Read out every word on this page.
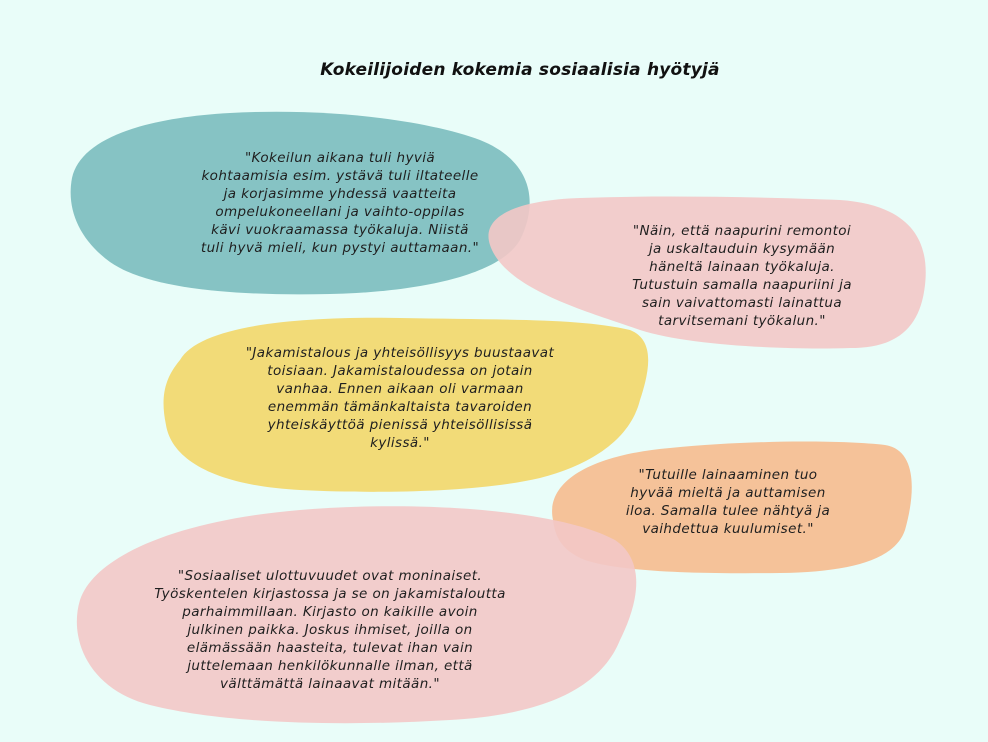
Kokeilijoiden kokemia sosiaalisia hyötyjä
"Kokeilun aikana tuli hyviä
kohtaamisia esim. ystävä tuli iltateelle
ja korjasimme yhdessä vaatteita
ompelukoneellani ja vaihto-oppilas
kävi vuokraamassa työkaluja. Niistä
tuli hyvä mieli, kun pystyi auttamaan."
"Näin, että naapurini remontoi
ja uskaltauduin kysymään
häneltä lainaan työkaluja.
Tutustuin samalla naapuriini ja
sain vaivattomasti lainattua
tarvitsemani työkalun."
"Jakamistalous ja yhteisöllisyys buustaavat
toisiaan. Jakamistaloudessa on jotain
vanhaa. Ennen aikaan oli varmaan
enemmän tämänkaltaista tavaroiden
yhteiskäyttöä pienissä yhteisöllisissä
kylissä."
"Tutuille lainaaminen tuo
hyvää mieltä ja auttamisen
iloa. Samalla tulee nähtyä ja
vaihdettua kuulumiset."
"Sosiaaliset ulottuvuudet ovat moninaiset.
Työskentelen kirjastossa ja se on jakamistaloutta
parhaimmillaan. Kirjasto on kaikille avoin
julkinen paikka. Joskus ihmiset, joilla on
elämässään haasteita, tulevat ihan vain
juttelemaan henkilökunnalle ilman, että
välttämättä lainaavat mitään."
